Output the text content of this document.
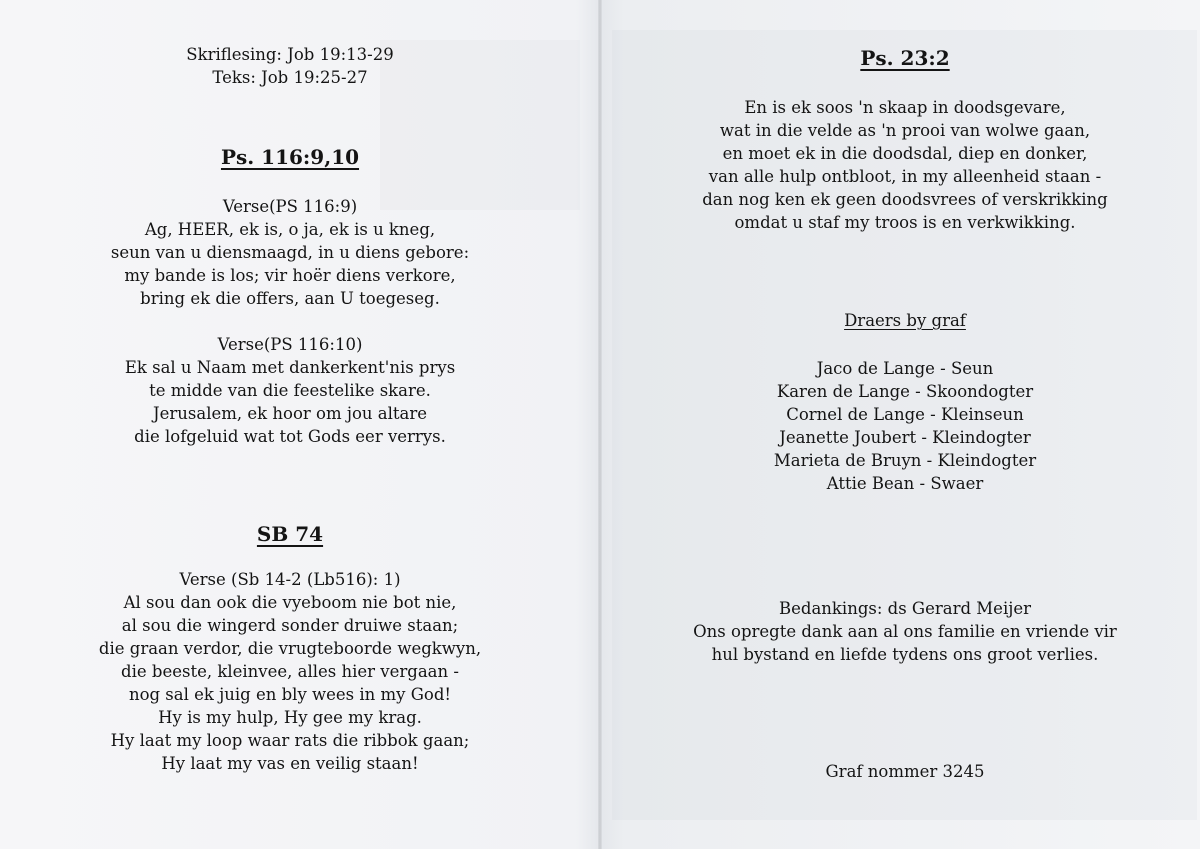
Skriflesing: Job 19:13-29
Teks: Job 19:25-27
Ps. 116:9,10
Verse(PS 116:9)
Ag, HEER, ek is, o ja, ek is u kneg,
seun van u diensmaagd, in u diens gebore:
my bande is los; vir hoër diens verkore,
bring ek die offers, aan U toegeseg.
Verse(PS 116:10)
Ek sal u Naam met dankerkent'nis prys
te midde van die feestelike skare.
Jerusalem, ek hoor om jou altare
die lofgeluid wat tot Gods eer verrys.
SB 74
Verse (Sb 14-2 (Lb516): 1)
Al sou dan ook die vyeboom nie bot nie,
al sou die wingerd sonder druiwe staan;
die graan verdor, die vrugteboorde wegkwyn,
die beeste, kleinvee, alles hier vergaan -
nog sal ek juig en bly wees in my God!
Hy is my hulp, Hy gee my krag.
Hy laat my loop waar rats die ribbok gaan;
Hy laat my vas en veilig staan!
Ps. 23:2
En is ek soos 'n skaap in doodsgevare,
wat in die velde as 'n prooi van wolwe gaan,
en moet ek in die doodsdal, diep en donker,
van alle hulp ontbloot, in my alleenheid staan -
dan nog ken ek geen doodsvrees of verskrikking
omdat u staf my troos is en verkwikking.
Draers by graf
Jaco de Lange - Seun
Karen de Lange - Skoondogter
Cornel de Lange - Kleinseun
Jeanette Joubert - Kleindogter
Marieta de Bruyn - Kleindogter
Attie Bean - Swaer
Bedankings: ds Gerard Meijer
Ons opregte dank aan al ons familie en vriende vir
hul bystand en liefde tydens ons groot verlies.
Graf nommer 3245
